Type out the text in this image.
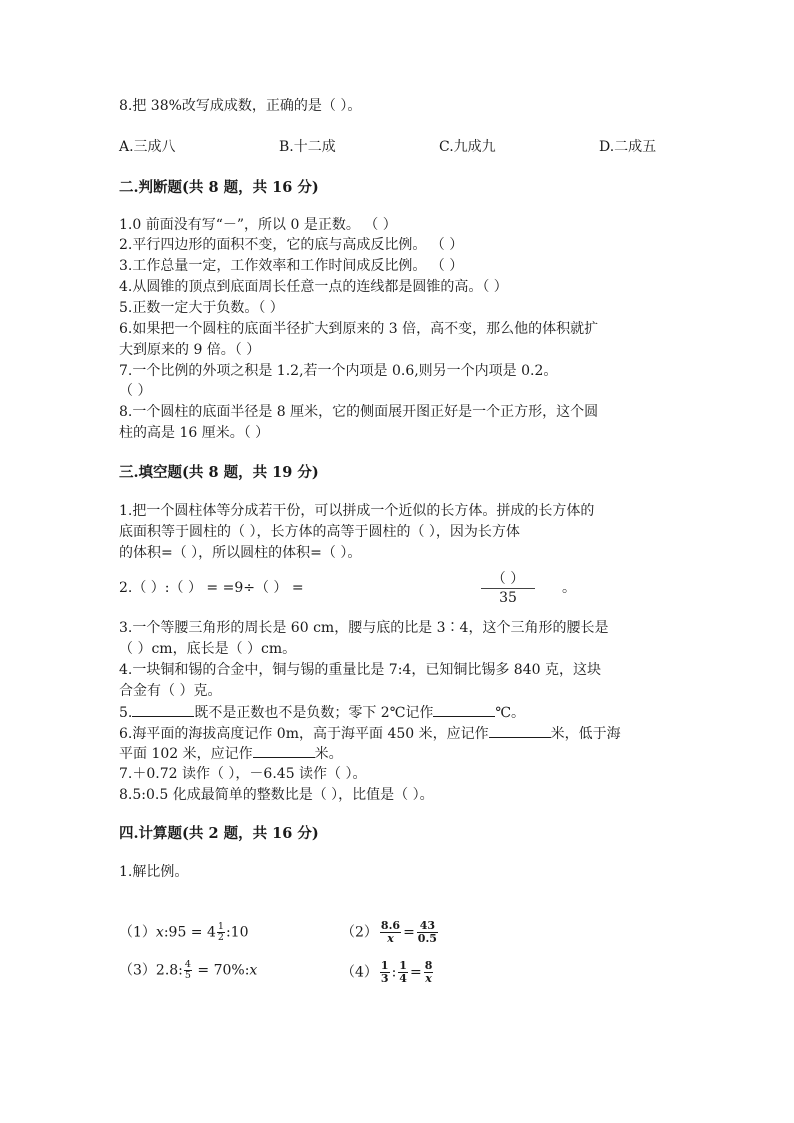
8.把 38%改写成成数，正确的是（ ）。
A.三成八	B.十二成	C.九成九	D.二成五
二.判断题(共 8 题，共 16 分)
1.0 前面没有写“－”，所以 0 是正数。 （ ）
2.平行四边形的面积不变，它的底与高成反比例。 （ ）
3.工作总量一定，工作效率和工作时间成反比例。 （ ）
4.从圆锥的顶点到底面周长任意一点的连线都是圆锥的高。（ ）
5.正数一定大于负数。（ ）
6.如果把一个圆柱的底面半径扩大到原来的 3 倍，高不变，那么他的体积就扩
大到原来的 9 倍。（ ）
7.一个比例的外项之积是 1.2,若一个内项是 0.6,则另一个内项是 0.2。
（ ）
8.一个圆柱的底面半径是 8 厘米，它的侧面展开图正好是一个正方形，这个圆
柱的高是 16 厘米。（ ）
三.填空题(共 8 题，共 19 分)
1.把一个圆柱体等分成若干份，可以拼成一个近似的长方体。拼成的长方体的
底面积等于圆柱的（ ），长方体的高等于圆柱的（ ），因为长方体
的体积=（ ），所以圆柱的体积=（ ）。
2.（ ）:（ ） = =9÷（ ） =
（ ）
35
。
3.一个等腰三角形的周长是 60 cm，腰与底的比是 3∶4，这个三角形的腰长是
（ ）cm，底长是（ ）cm。
4.一块铜和锡的合金中，铜与锡的重量比是 7:4，已知铜比锡多 840 克，这块
合金有（ ）克。
5.	既不是正数也不是负数；零下 2℃记作	℃。
6.海平面的海拔高度记作 0m，高于海平面 450 米，应记作	米，低于海
平面 102 米，应记作	米。
7.＋0.72 读作（ ），－6.45 读作（ ）。
8.5:0.5 化成最简单的整数比是（ ），比值是（ ）。
四.计算题(共 2 题，共 16 分)
1.解比例。
（1）x:95 = $4 \frac{1}{2}$ :10	$(2) \frac{8.6}{x} = \frac{43}{0.5}$
（3）2.8: $\frac{4}{5}$ = 70%:x	$(4) \frac{1}{3}$ : $\frac{1}{4} = \frac{8}{x}$
